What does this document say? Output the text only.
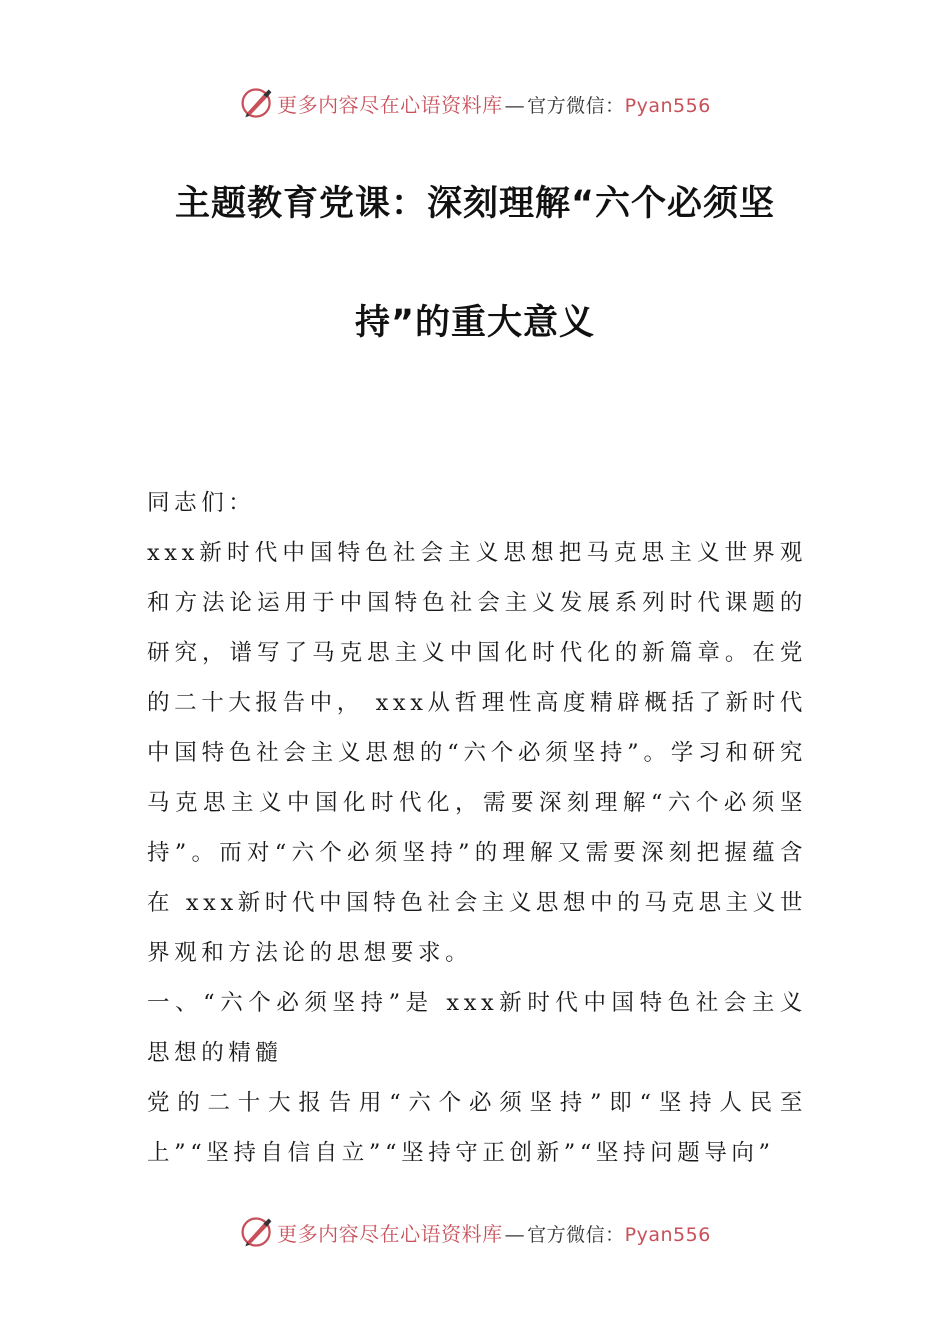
更多内容尽在心语资料库 — 官方微信：Pyan556
主题教育党课：深刻理解“六个必须坚
持”的重大意义

同志们：

xxx新时代中国特色社会主义思想把马克思主义世界观和方法论运用于中国特色社会主义发展系列时代课题的研究，谱写了马克思主义中国化时代化的新篇章。在党的二十大报告中， xxx从哲理性高度精辟概括了新时代中国特色社会主义思想的“六个必须坚持”。学习和研究马克思主义中国化时代化，需要深刻理解“六个必须坚持”。而对“六个必须坚持”的理解又需要深刻把握蕴含在 xxx新时代中国特色社会主义思想中的马克思主义世界观和方法论的思想要求。

一、“六个必须坚持”是 xxx新时代中国特色社会主义思想的精髓

党的二十大报告用“六个必须坚持”即“坚持人民至上”“坚持自信自立”“坚持守正创新”“坚持问题导向”

更多内容尽在心语资料库 — 官方微信：Pyan556
